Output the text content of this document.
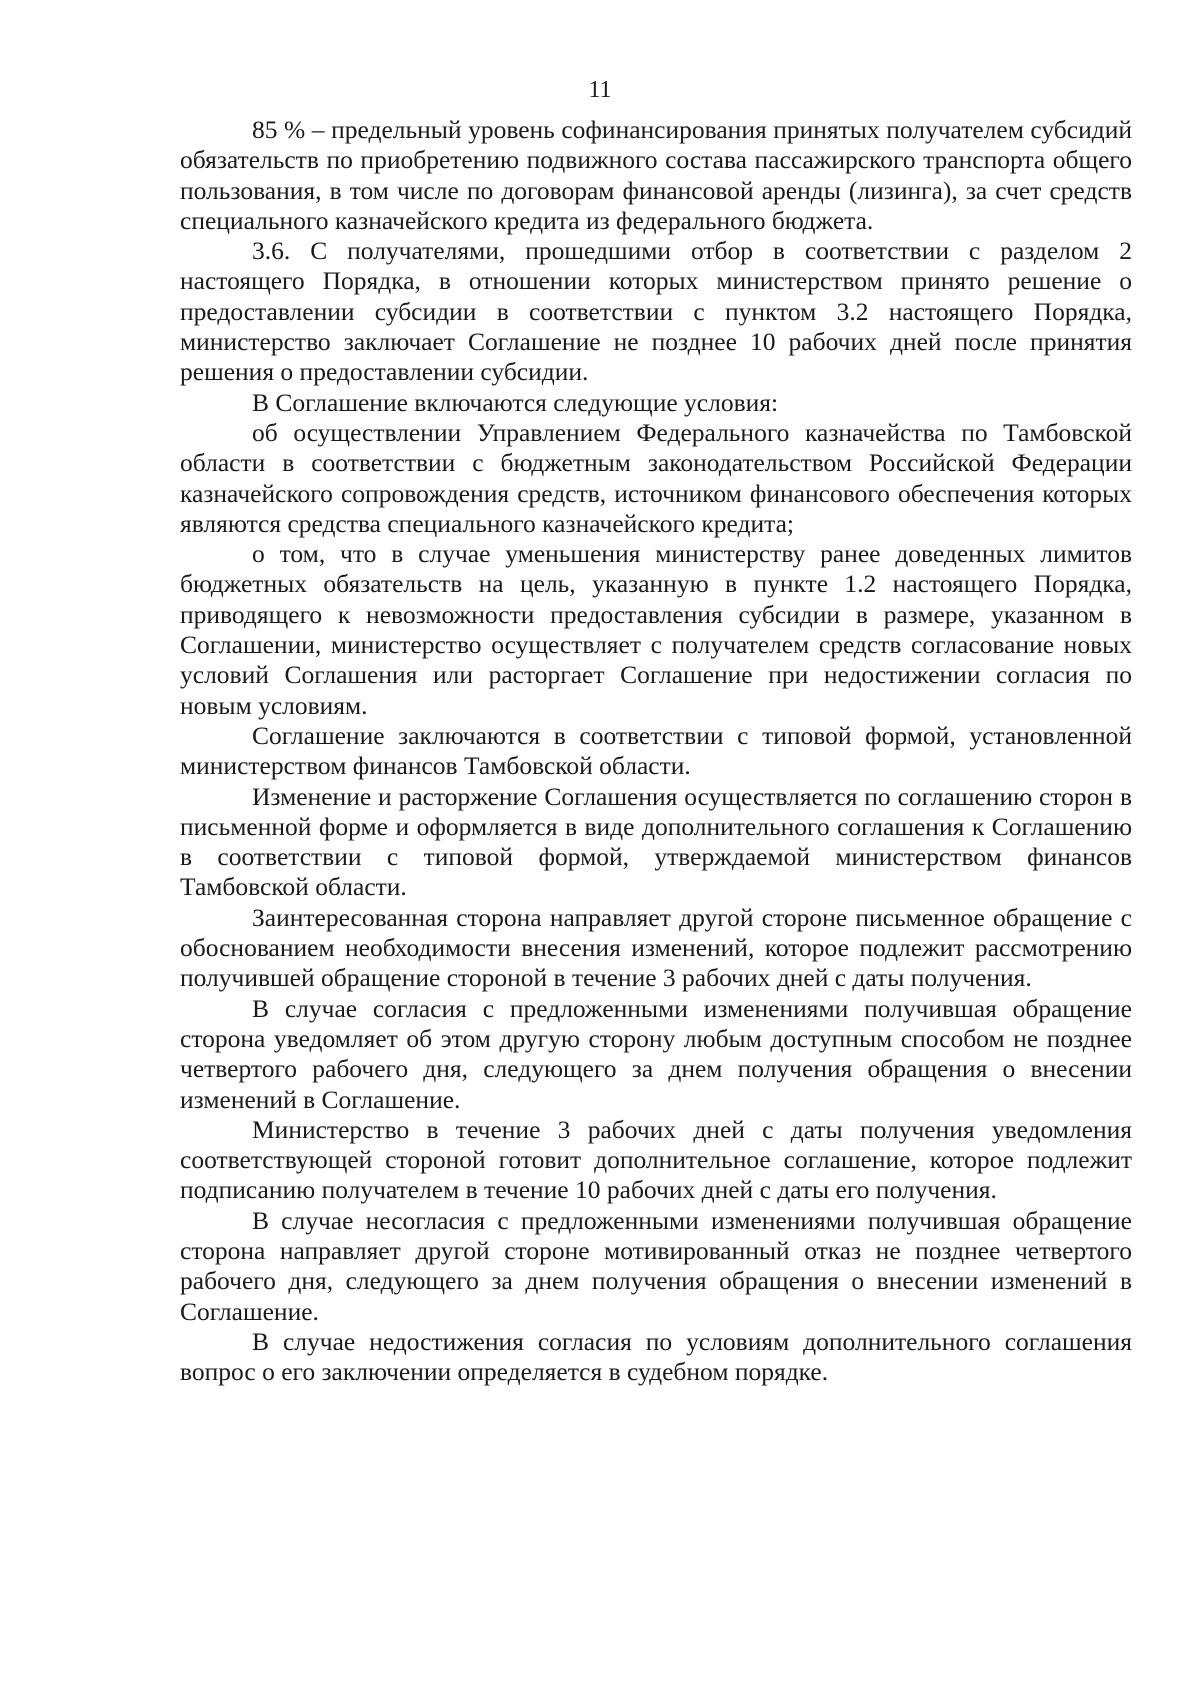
11

85 % – предельный уровень софинансирования принятых получателем субсидий обязательств по приобретению подвижного состава пассажирского транспорта общего пользования, в том числе по договорам финансовой аренды (лизинга), за счет средств специального казначейского кредита из федерального бюджета.

3.6. С получателями, прошедшими отбор в соответствии с разделом 2 настоящего Порядка, в отношении которых министерством принято решение о предоставлении субсидии в соответствии с пунктом 3.2 настоящего Порядка, министерство заключает Соглашение не позднее 10 рабочих дней после принятия решения о предоставлении субсидии.

В Соглашение включаются следующие условия:

об осуществлении Управлением Федерального казначейства по Тамбовской области в соответствии с бюджетным законодательством Российской Федерации казначейского сопровождения средств, источником финансового обеспечения которых являются средства специального казначейского кредита;

о том, что в случае уменьшения министерству ранее доведенных лимитов бюджетных обязательств на цель, указанную в пункте 1.2 настоящего Порядка, приводящего к невозможности предоставления субсидии в размере, указанном в Соглашении, министерство осуществляет с получателем средств согласование новых условий Соглашения или расторгает Соглашение при недостижении согласия по новым условиям.

Соглашение заключаются в соответствии с типовой формой, установленной министерством финансов Тамбовской области.

Изменение и расторжение Соглашения осуществляется по соглашению сторон в письменной форме и оформляется в виде дополнительного соглашения к Соглашению в соответствии с типовой формой, утверждаемой министерством финансов Тамбовской области.

Заинтересованная сторона направляет другой стороне письменное обращение с обоснованием необходимости внесения изменений, которое подлежит рассмотрению получившей обращение стороной в течение 3 рабочих дней с даты получения.

В случае согласия с предложенными изменениями получившая обращение сторона уведомляет об этом другую сторону любым доступным способом не позднее четвертого рабочего дня, следующего за днем получения обращения о внесении изменений в Соглашение.

Министерство в течение 3 рабочих дней с даты получения уведомления соответствующей стороной готовит дополнительное соглашение, которое подлежит подписанию получателем в течение 10 рабочих дней с даты его получения.

В случае несогласия с предложенными изменениями получившая обращение сторона направляет другой стороне мотивированный отказ не позднее четвертого рабочего дня, следующего за днем получения обращения о внесении изменений в Соглашение.

В случае недостижения согласия по условиям дополнительного соглашения вопрос о его заключении определяется в судебном порядке.
